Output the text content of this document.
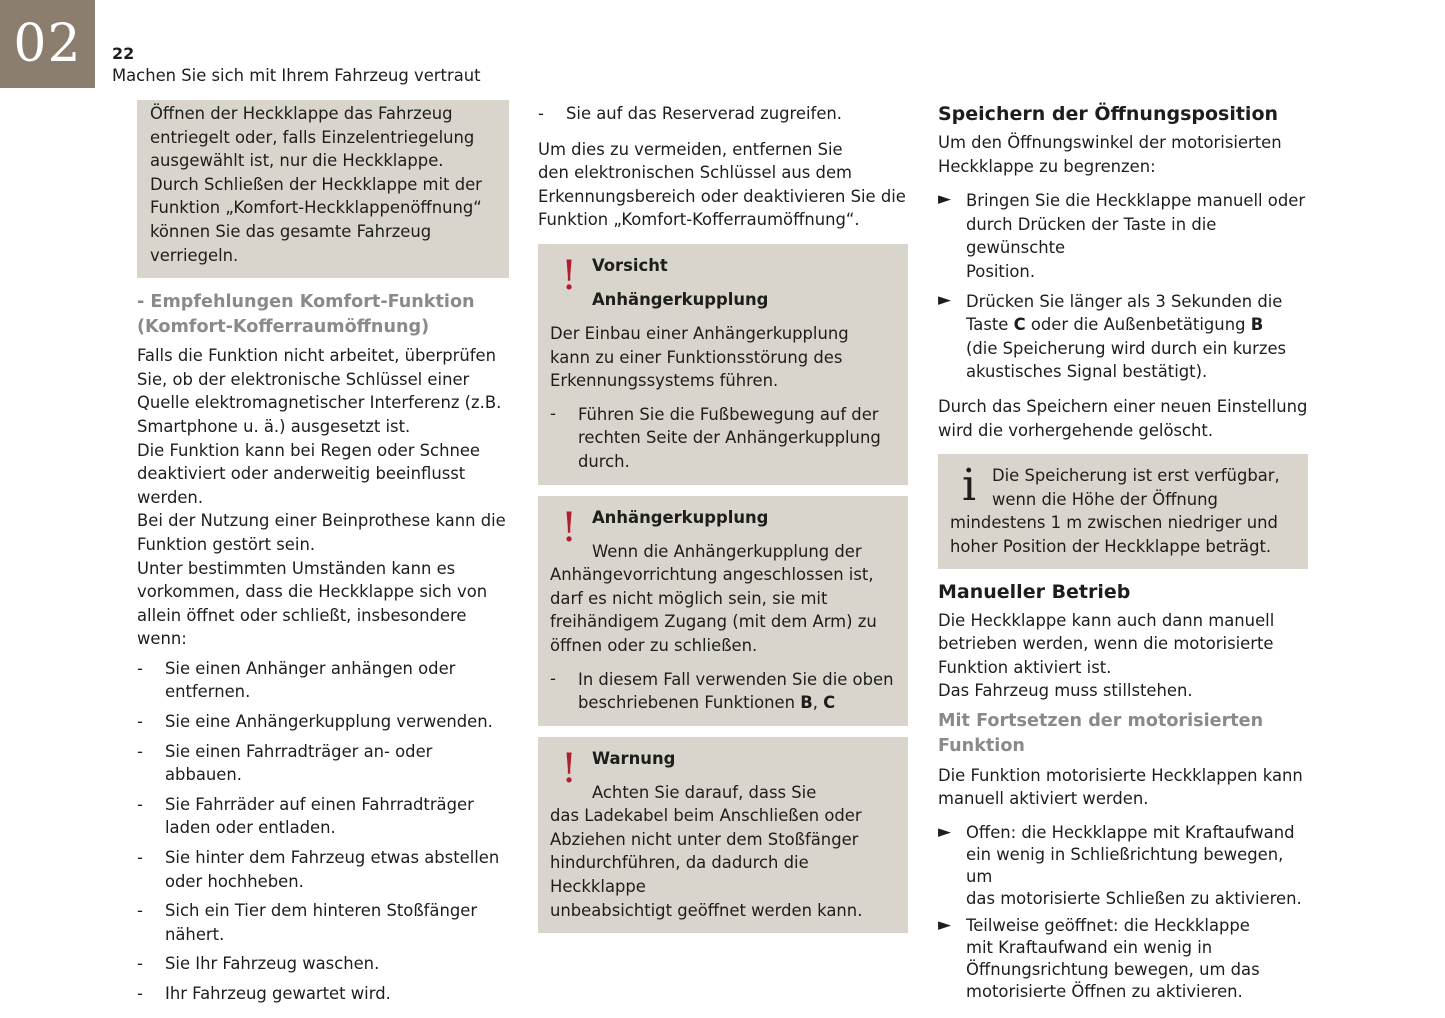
02	22
Machen Sie sich mit Ihrem Fahrzeug vertraut

Öffnen der Heckklappe das Fahrzeug

entriegelt oder, falls Einzelentriegelung

ausgewählt ist, nur die Heckklappe.

Durch Schließen der Heckklappe mit der

Funktion „Komfort-Heckklappenöffnung“

können Sie das gesamte Fahrzeug

verriegeln.

- Empfehlungen Komfort-Funktion
(Komfort-Kofferraumöffnung)

Falls die Funktion nicht arbeitet, überprüfen

Sie, ob der elektronische Schlüssel einer

Quelle elektromagnetischer Interferenz (z.B.

Smartphone u. ä.) ausgesetzt ist.

Die Funktion kann bei Regen oder Schnee

deaktiviert oder anderweitig beeinflusst

werden.

Bei der Nutzung einer Beinprothese kann die

Funktion gestört sein.

Unter bestimmten Umständen kann es

vorkommen, dass die Heckklappe sich von

allein öffnet oder schließt, insbesondere wenn:

- Sie einen Anhänger anhängen oder

entfernen.

- Sie eine Anhängerkupplung verwenden.

- Sie einen Fahrradträger an- oder abbauen.

- Sie Fahrräder auf einen Fahrradträger

laden oder entladen.

- Sie hinter dem Fahrzeug etwas abstellen

oder hochheben.

- Sich ein Tier dem hinteren Stoßfänger

nähert.

- Sie Ihr Fahrzeug waschen.

- Ihr Fahrzeug gewartet wird.

- Sie auf das Reserverad zugreifen.

Um dies zu vermeiden, entfernen Sie

den elektronischen Schlüssel aus dem

Erkennungsbereich oder deaktivieren Sie die

Funktion „Komfort-Kofferraumöffnung“.

! Vorsicht
Anhängerkupplung

Der Einbau einer Anhängerkupplung

kann zu einer Funktionsstörung des

Erkennungssystems führen.

- Führen Sie die Fußbewegung auf der

rechten Seite der Anhängerkupplung

durch.

! Anhängerkupplung

Wenn die Anhängerkupplung der

Anhängevorrichtung angeschlossen ist,

darf es nicht möglich sein, sie mit

freihändigem Zugang (mit dem Arm) zu

öffnen oder zu schließen.

- In diesem Fall verwenden Sie die oben

beschriebenen Funktionen B, C

! Warnung

Achten Sie darauf, dass Sie

das Ladekabel beim Anschließen oder

Abziehen nicht unter dem Stoßfänger

hindurchführen, da dadurch die Heckklappe

unbeabsichtigt geöffnet werden kann.

Speichern der Öffnungsposition

Um den Öffnungswinkel der motorisierten

Heckklappe zu begrenzen:

► Bringen Sie die Heckklappe manuell oder

durch Drücken der Taste in die gewünschte

Position.

► Drücken Sie länger als 3 Sekunden die

Taste C oder die Außenbetätigung B

(die Speicherung wird durch ein kurzes

akustisches Signal bestätigt).

Durch das Speichern einer neuen Einstellung

wird die vorhergehende gelöscht.

i Die Speicherung ist erst verfügbar,

wenn die Höhe der Öffnung

mindestens 1 m zwischen niedriger und

hoher Position der Heckklappe beträgt.

Manueller Betrieb

Die Heckklappe kann auch dann manuell

betrieben werden, wenn die motorisierte

Funktion aktiviert ist.

Das Fahrzeug muss stillstehen.

Mit Fortsetzen der motorisierten
Funktion

Die Funktion motorisierte Heckklappen kann

manuell aktiviert werden.

► Offen: die Heckklappe mit Kraftaufwand

ein wenig in Schließrichtung bewegen, um

das motorisierte Schließen zu aktivieren.

► Teilweise geöffnet: die Heckklappe

mit Kraftaufwand ein wenig in

Öffnungsrichtung bewegen, um das

motorisierte Öffnen zu aktivieren.
